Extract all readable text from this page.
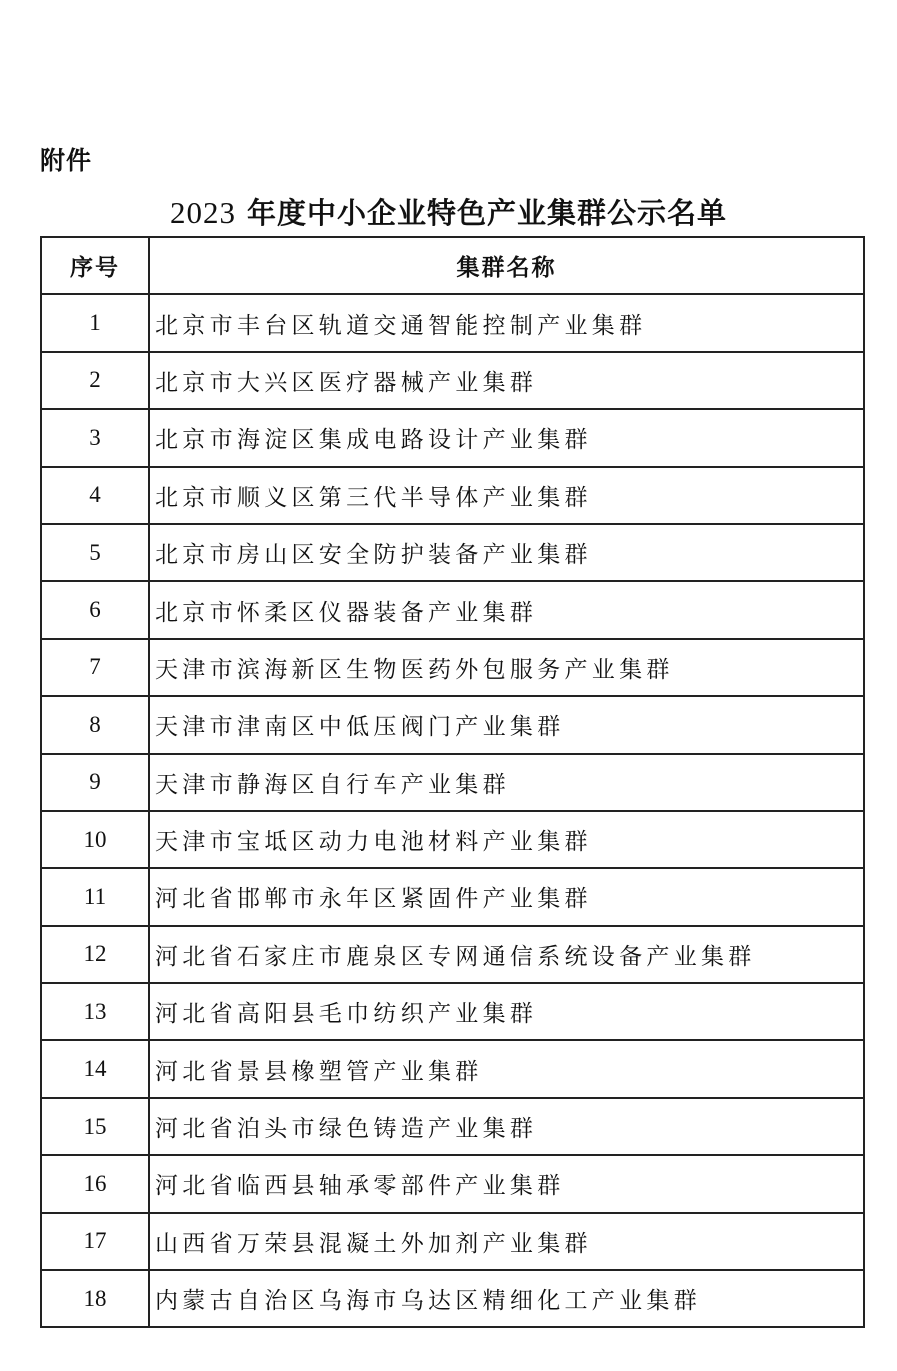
附件
2023 年度中小企业特色产业集群公示名单
序号	集群名称
1	北京市丰台区轨道交通智能控制产业集群
2	北京市大兴区医疗器械产业集群
3	北京市海淀区集成电路设计产业集群
4	北京市顺义区第三代半导体产业集群
5	北京市房山区安全防护装备产业集群
6	北京市怀柔区仪器装备产业集群
7	天津市滨海新区生物医药外包服务产业集群
8	天津市津南区中低压阀门产业集群
9	天津市静海区自行车产业集群
10	天津市宝坻区动力电池材料产业集群
11	河北省邯郸市永年区紧固件产业集群
12	河北省石家庄市鹿泉区专网通信系统设备产业集群
13	河北省高阳县毛巾纺织产业集群
14	河北省景县橡塑管产业集群
15	河北省泊头市绿色铸造产业集群
16	河北省临西县轴承零部件产业集群
17	山西省万荣县混凝土外加剂产业集群
18	内蒙古自治区乌海市乌达区精细化工产业集群
